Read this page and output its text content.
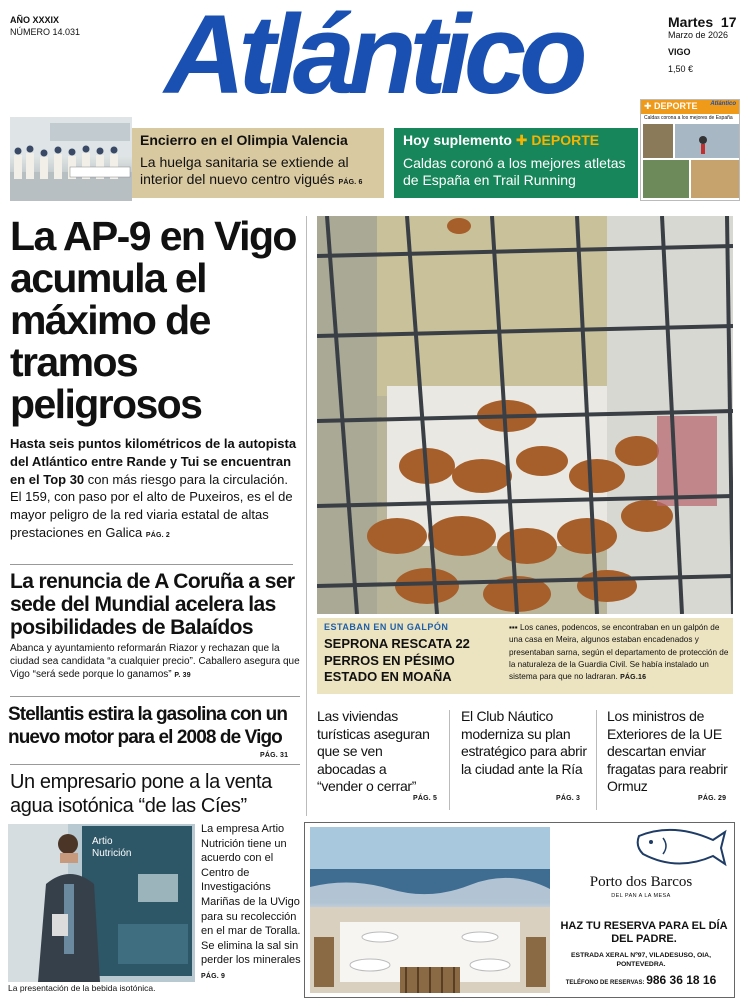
AÑO XXXIX
NÚMERO 14.031 Atlántico	Martes 17
Marzo de 2026
VIGO
1,50 €
Encierro en el Olimpia Valencia
La huelga sanitaria se extiende al interior del nuevo centro vigués PÁG. 6
Hoy suplemento ✚ DEPORTE
Caldas coronó a los mejores atletas de España en Trail Running
✚ DEPORTE Atlántico
Caldas corona a los mejores de España
La AP-9 en Vigo acumula el máximo de tramos peligrosos
Hasta seis puntos kilométricos de la autopista del Atlántico entre Rande y Tui se encuentran en el Top 30 con más riesgo para la circulación. El 159, con paso por el alto de Puxeiros, es el de mayor peligro de la red viaria estatal de altas prestaciones en Galica PÁG. 2
La renuncia de A Coruña a ser sede del Mundial acelera las posibilidades de Balaídos
Abanca y ayuntamiento reformarán Riazor y rechazan que la ciudad sea candidata “a cualquier precio”. Caballero asegura que Vigo “será sede porque lo ganamos” P. 39
Stellantis estira la gasolina con un nuevo motor para el 2008 de Vigo
PÁG. 31
Un empresario pone a la venta agua isotónica “de las Cíes”
Artio
Nutrición
La empresa Artio Nutrición tiene un acuerdo con el Centro de Investigacións Mariñas de la UVigo para su recolección en el mar de Toralla. Se elimina la sal sin perder los minerales PÁG. 9
La presentación de la bebida isotónica.
ESTABAN EN UN GALPÓN
SEPRONA RESCATA 22 PERROS EN PÉSIMO ESTADO EN MOAÑA
▪▪▪ Los canes, podencos, se encontraban en un galpón de una casa en Meira, algunos estaban encadenados y presentaban sarna, según el departamento de protección de la naturaleza de la Guardia Civil. Se había instalado un sistema para que no ladraran. PÁG.16
Las viviendas turísticas aseguran que se ven abocadas a “vender o cerrar”
PÁG. 5
El Club Náutico moderniza su plan estratégico para abrir la ciudad ante la Ría
PÁG. 3
Los ministros de Exteriores de la UE descartan enviar fragatas para reabrir Ormuz
PÁG. 29
Porto dos Barcos
DEL PAN A LA MESA
HAZ TU RESERVA PARA EL DÍA DEL PADRE.
ESTRADA XERAL Nº97, VILADESUSO, OIA, PONTEVEDRA.
TELÉFONO DE RESERVAS: 986 36 18 16
